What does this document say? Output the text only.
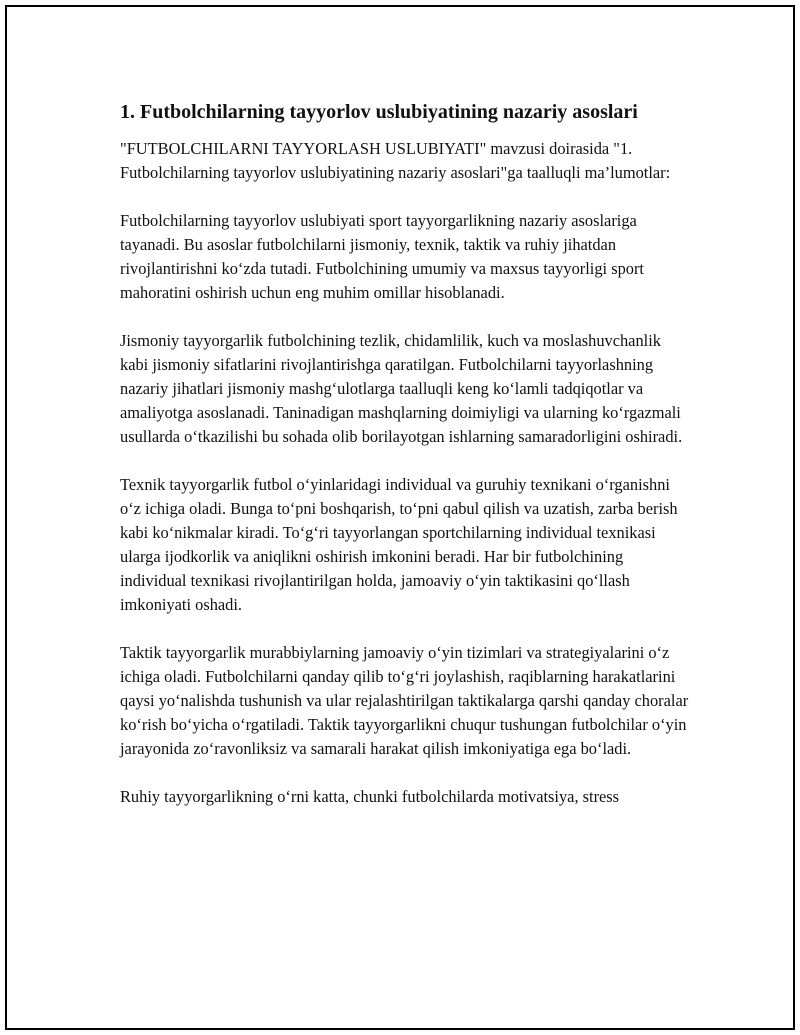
1. Futbolchilarning tayyorlov uslubiyatining nazariy asoslari

"FUTBOLCHILARNI TAYYORLASH USLUBIYATI" mavzusi doirasida "1. Futbolchilarning tayyorlov uslubiyatining nazariy asoslari"ga taalluqli ma’lumotlar:

Futbolchilarning tayyorlov uslubiyati sport tayyorgarlikning nazariy asoslariga tayanadi. Bu asoslar futbolchilarni jismoniy, texnik, taktik va ruhiy jihatdan rivojlantirishni ko‘zda tutadi. Futbolchining umumiy va maxsus tayyorligi sport mahoratini oshirish uchun eng muhim omillar hisoblanadi.

Jismoniy tayyorgarlik futbolchining tezlik, chidamlilik, kuch va moslashuvchanlik kabi jismoniy sifatlarini rivojlantirishga qaratilgan. Futbolchilarni tayyorlashning nazariy jihatlari jismoniy mashg‘ulotlarga taalluqli keng ko‘lamli tadqiqotlar va amaliyotga asoslanadi. Taninadigan mashqlarning doimiyligi va ularning ko‘rgazmali usullarda o‘tkazilishi bu sohada olib borilayotgan ishlarning samaradorligini oshiradi.

Texnik tayyorgarlik futbol o‘yinlaridagi individual va guruhiy texnikani o‘rganishni o‘z ichiga oladi. Bunga to‘pni boshqarish, to‘pni qabul qilish va uzatish, zarba berish kabi ko‘nikmalar kiradi. To‘g‘ri tayyorlangan sportchilarning individual texnikasi ularga ijodkorlik va aniqlikni oshirish imkonini beradi. Har bir futbolchining individual texnikasi rivojlantirilgan holda, jamoaviy o‘yin taktikasini qo‘llash imkoniyati oshadi.

Taktik tayyorgarlik murabbiylarning jamoaviy o‘yin tizimlari va strategiyalarini o‘z ichiga oladi. Futbolchilarni qanday qilib to‘g‘ri joylashish, raqiblarning harakatlarini qaysi yo‘nalishda tushunish va ular rejalashtirilgan taktikalarga qarshi qanday choralar ko‘rish bo‘yicha o‘rgatiladi. Taktik tayyorgarlikni chuqur tushungan futbolchilar o‘yin jarayonida zo‘ravonliksiz va samarali harakat qilish imkoniyatiga ega bo‘ladi.

Ruhiy tayyorgarlikning o‘rni katta, chunki futbolchilarda motivatsiya, stress
